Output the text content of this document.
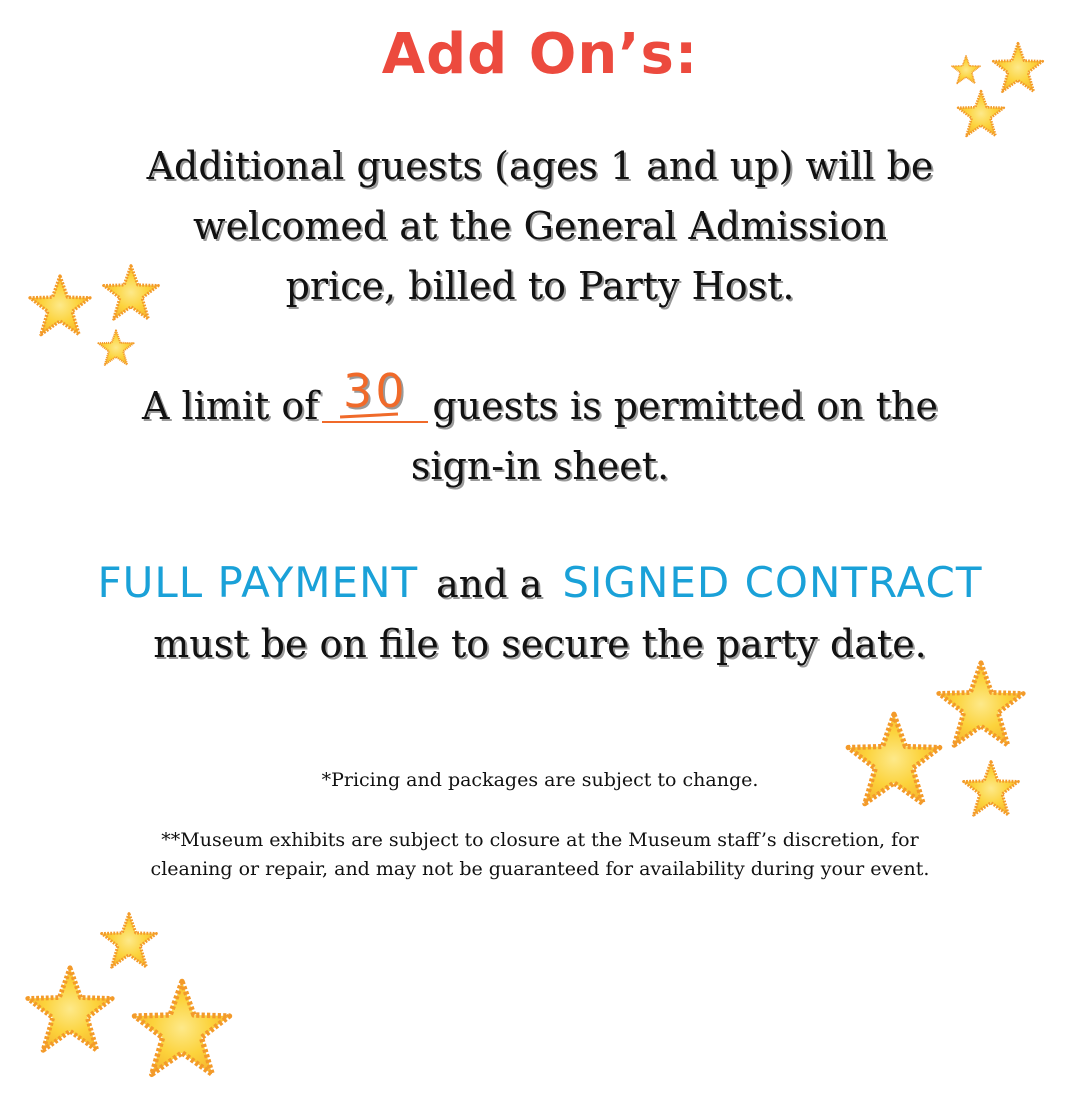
Add On’s:
Additional guests (ages 1 and up) will be
welcomed at the General Admission
price, billed to Party Host.
A limit of 30 guests is permitted on the
sign-in sheet.
FULL PAYMENT and a SIGNED CONTRACT
must be on file to secure the party date.
*Pricing and packages are subject to change.
**Museum exhibits are subject to closure at the Museum staff’s discretion, for
cleaning or repair, and may not be guaranteed for availability during your event.
